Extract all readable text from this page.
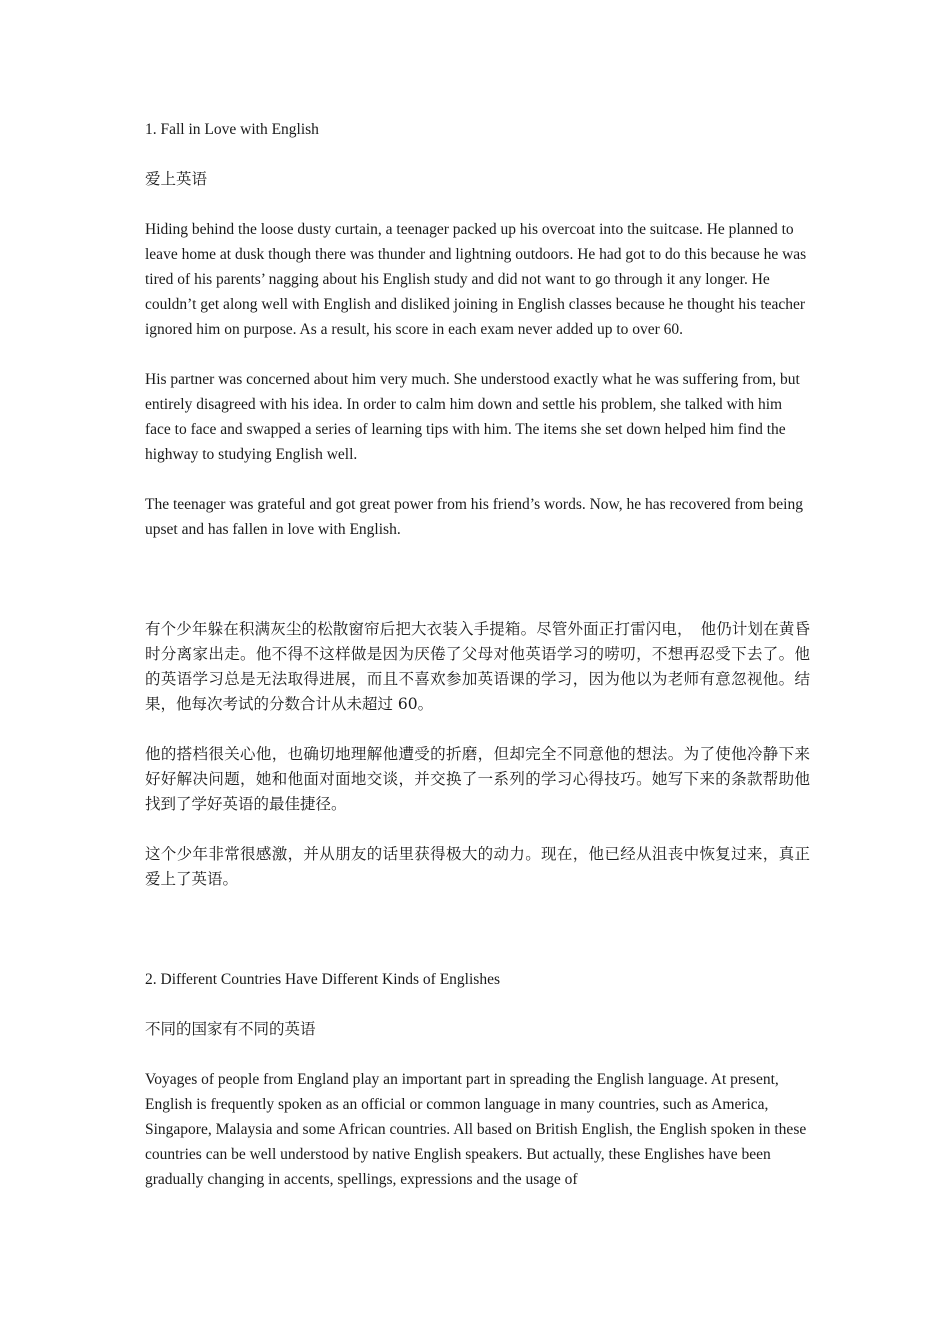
1. Fall in Love with English

爱上英语

Hiding behind the loose dusty curtain, a teenager packed up his overcoat into the suitcase. He planned to leave home at dusk though there was thunder and lightning outdoors. He had got to do this because he was tired of his parents’ nagging about his English study and did not want to go through it any longer. He couldn’t get along well with English and disliked joining in English classes because he thought his teacher ignored him on purpose. As a result, his score in each exam never added up to over 60.

His partner was concerned about him very much. She understood exactly what he was suffering from, but entirely disagreed with his idea. In order to calm him down and settle his problem, she talked with him face to face and swapped a series of learning tips with him. The items she set down helped him find the highway to studying English well.

The teenager was grateful and got great power from his friend’s words. Now, he has recovered from being upset and has fallen in love with English.

有个少年躲在积满灰尘的松散窗帘后把大衣装入手提箱。尽管外面正打雷闪电，　他仍计划在黄昏时分离家出走。他不得不这样做是因为厌倦了父母对他英语学习的唠叨，不想再忍受下去了。他的英语学习总是无法取得进展，而且不喜欢参加英语课的学习，因为他以为老师有意忽视他。结果，他每次考试的分数合计从未超过 60。

他的搭档很关心他，也确切地理解他遭受的折磨，但却完全不同意他的想法。为了使他冷静下来好好解决问题，她和他面对面地交谈，并交换了一系列的学习心得技巧。她写下来的条款帮助他找到了学好英语的最佳捷径。

这个少年非常很感激，并从朋友的话里获得极大的动力。现在，他已经从沮丧中恢复过来，真正爱上了英语。

2. Different Countries Have Different Kinds of Englishes

不同的国家有不同的英语

Voyages of people from England play an important part in spreading the English language. At present, English is frequently spoken as an official or common language in many countries, such as America, Singapore, Malaysia and some African countries. All based on British English, the English spoken in these countries can be well understood by native English speakers. But actually, these Englishes have been gradually changing in accents, spellings, expressions and the usage of
